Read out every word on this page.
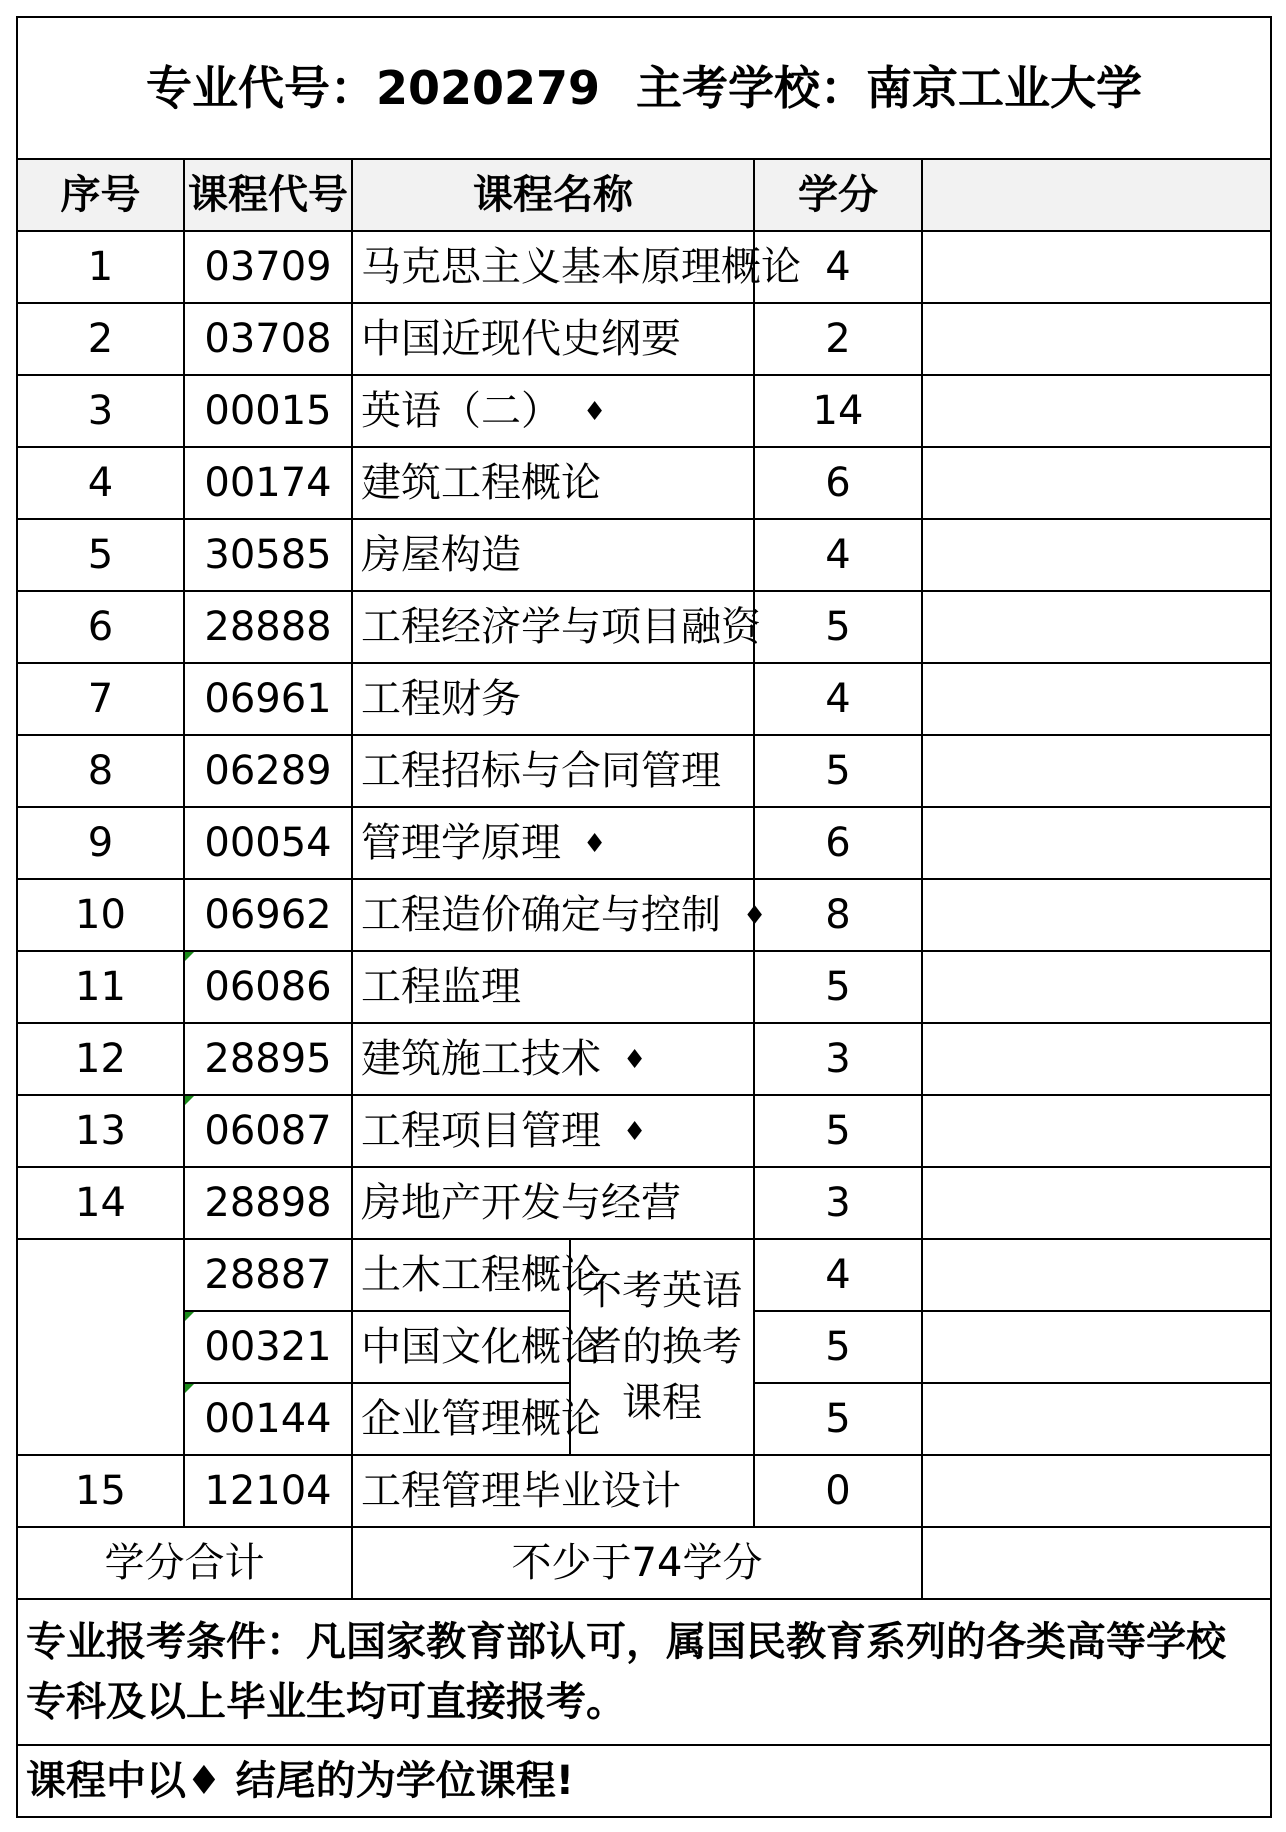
专业代号：2020279 主考学校：南京工业大学					
序号	课程代号	课程名称		学分	
1	03709	马克思主义基本原理概论		4	
2	03708	中国近现代史纲要		2	
3	00015	英语（二） ♦		14	
4	00174	建筑工程概论		6	
5	30585	房屋构造		4	
6	28888	工程经济学与项目融资		5	
7	06961	工程财务		4	
8	06289	工程招标与合同管理		5	
9	00054	管理学原理 ♦		6	
10	06962	工程造价确定与控制 ♦		8	
11	06086	工程监理		5	
12	28895	建筑施工技术 ♦		3	
13	06087	工程项目管理 ♦		5	
14	28898	房地产开发与经营		3	
	28887	土木工程概论	不考英语者的换考课程	4	
	00321	中国文化概论		5	
	00144	企业管理概论		5	
15	12104	工程管理毕业设计		0	
学分合计		不少于74学分			
专业报考条件：凡国家教育部认可，属国民教育系列的各类高等学校专科及以上毕业生均可直接报考。					
课程中以♦ 结尾的为学位课程!					
